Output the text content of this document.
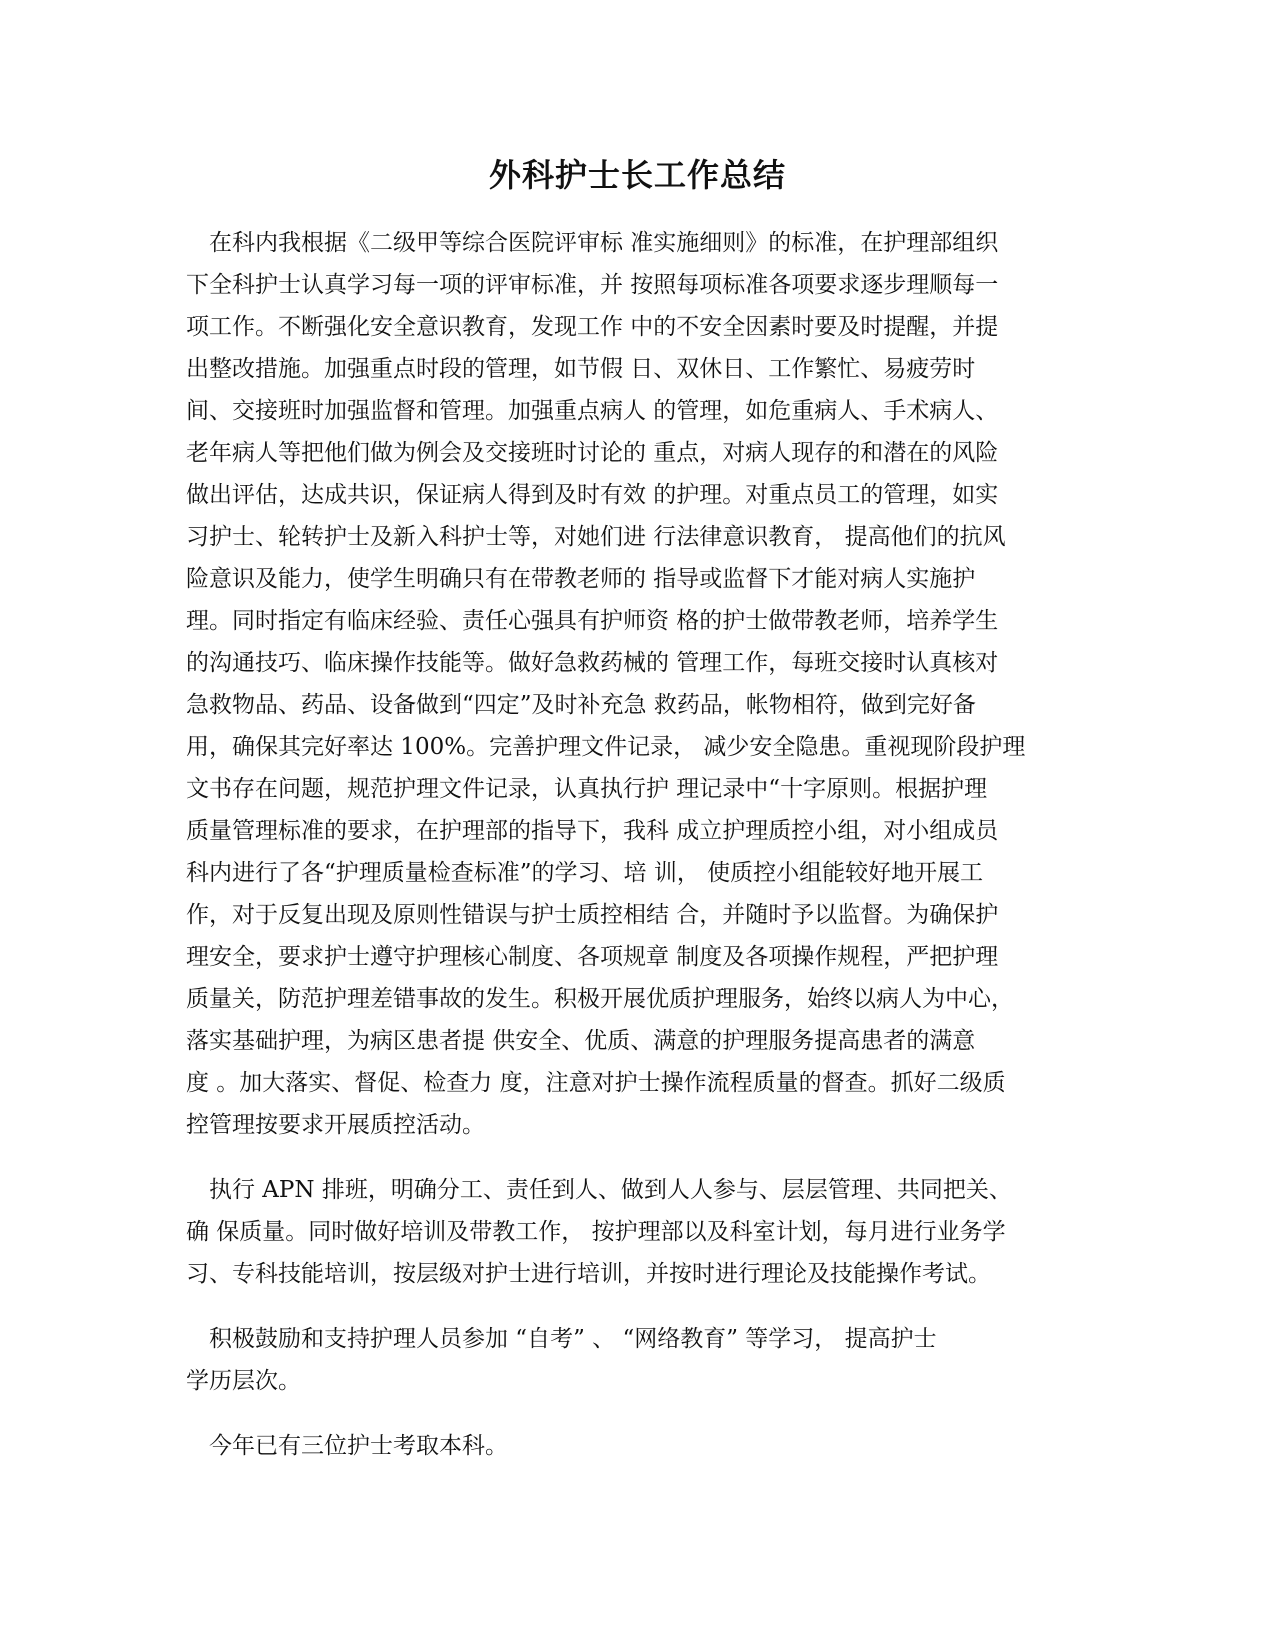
外科护士长工作总结
　在科内我根据《二级甲等综合医院评审标 准实施细则》的标准，在护理部组织
下全科护士认真学习每一项的评审标准，并 按照每项标准各项要求逐步理顺每一
项工作。不断强化安全意识教育，发现工作 中的不安全因素时要及时提醒，并提
出整改措施。加强重点时段的管理，如节假 日、双休日、工作繁忙、易疲劳时
间、交接班时加强监督和管理。加强重点病人 的管理，如危重病人、手术病人、
老年病人等把他们做为例会及交接班时讨论的 重点，对病人现存的和潜在的风险
做出评估，达成共识，保证病人得到及时有效 的护理。对重点员工的管理，如实
习护士、轮转护士及新入科护士等，对她们进 行法律意识教育， 提高他们的抗风
险意识及能力，使学生明确只有在带教老师的 指导或监督下才能对病人实施护
理。同时指定有临床经验、责任心强具有护师资 格的护士做带教老师，培养学生
的沟通技巧、临床操作技能等。做好急救药械的 管理工作，每班交接时认真核对
急救物品、药品、设备做到“四定”及时补充急 救药品，帐物相符，做到完好备
用，确保其完好率达 100%。完善护理文件记录， 减少安全隐患。重视现阶段护理
文书存在问题，规范护理文件记录，认真执行护 理记录中“十字原则。根据护理
质量管理标准的要求，在护理部的指导下，我科 成立护理质控小组，对小组成员
科内进行了各“护理质量检查标准”的学习、培 训， 使质控小组能较好地开展工
作，对于反复出现及原则性错误与护士质控相结 合，并随时予以监督。为确保护
理安全，要求护士遵守护理核心制度、各项规章 制度及各项操作规程，严把护理
质量关，防范护理差错事故的发生。积极开展优质护理服务，始终以病人为中心，
落实基础护理，为病区患者提 供安全、优质、满意的护理服务提高患者的满意
度 。加大落实、督促、检查力 度，注意对护士操作流程质量的督查。抓好二级质
控管理按要求开展质控活动。
　执行 APN 排班，明确分工、责任到人、做到人人参与、层层管理、共同把关、
确 保质量。同时做好培训及带教工作， 按护理部以及科室计划，每月进行业务学
习、专科技能培训，按层级对护士进行培训，并按时进行理论及技能操作考试。
　积极鼓励和支持护理人员参加 “自考” 、 “网络教育” 等学习， 提高护士
学历层次。
　今年已有三位护士考取本科。
